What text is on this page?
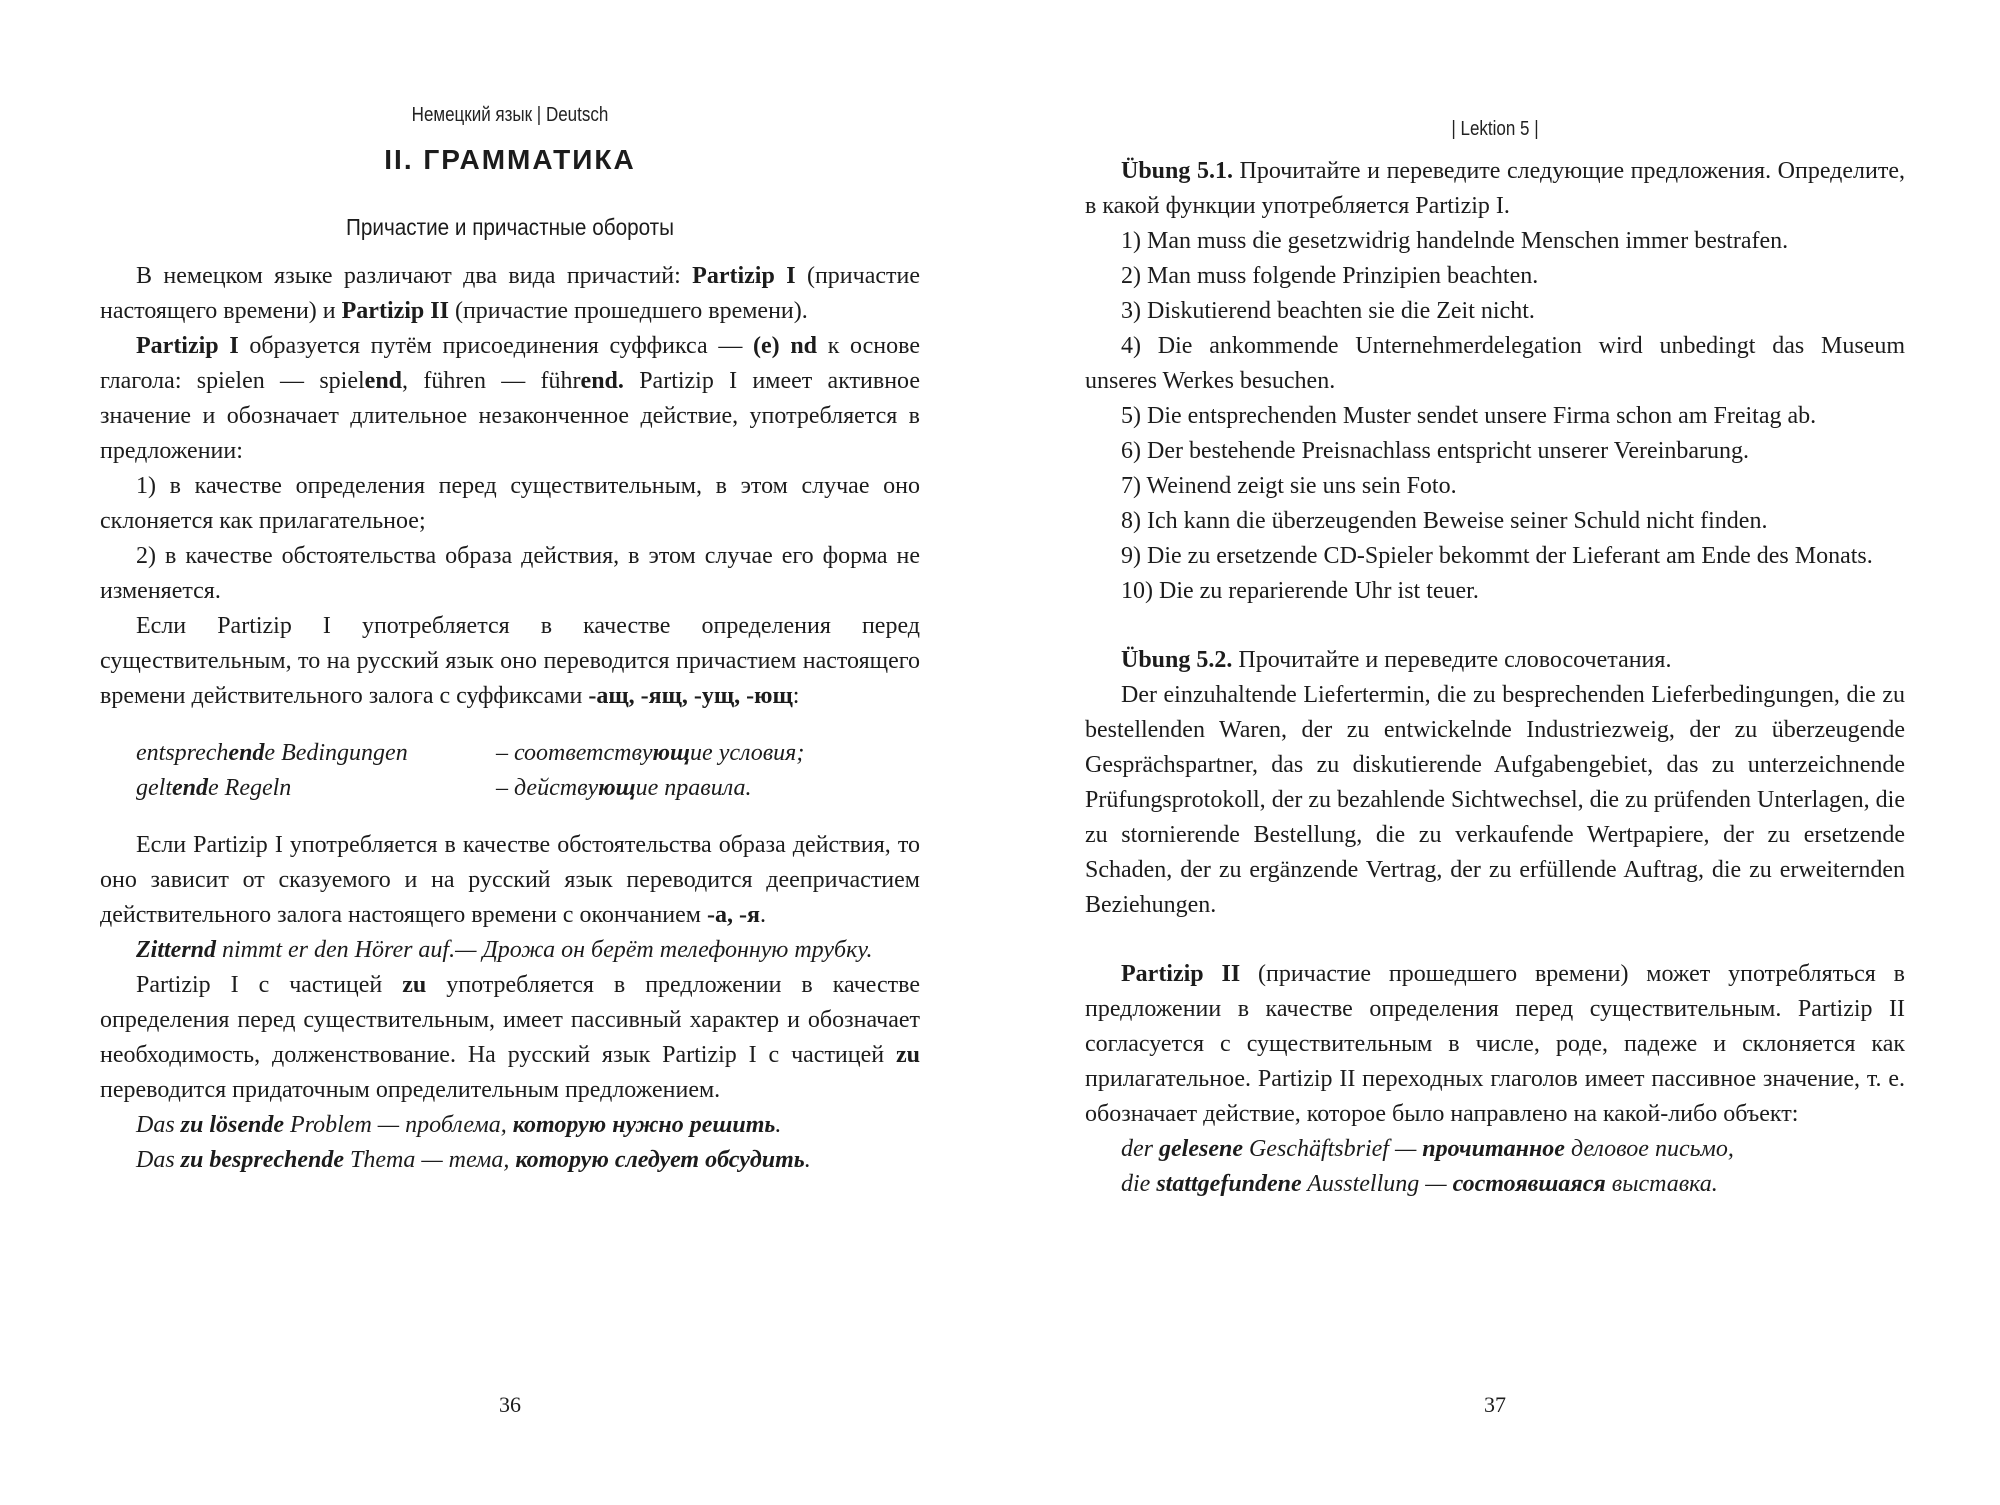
Немецкий язык | Deutsch
II. ГРАММАТИКА
Причастие и причастные обороты

В немецком языке различают два вида причастий: Partizip I (причастие настоящего времени) и Partizip II (причастие прошедшего времени).

Partizip I образуется путём присоединения суффикса — (e) nd к основе глагола: spielen — spielend, führen — führend. Partizip I имеет активное значение и обозначает длительное незаконченное действие, употребляется в предложении:

1) в качестве определения перед существительным, в этом случае оно склоняется как прилагательное;

2) в качестве обстоятельства образа действия, в этом случае его форма не изменяется.

Если Partizip I употребляется в качестве определения перед существительным, то на русский язык оно переводится причастием настоящего времени действительного залога с суффиксами -ащ, -ящ, -ущ, -ющ:

entsprechende Bedingungen	– соответствующие условия;
geltende Regeln	– действующие правила.

Если Partizip I употребляется в качестве обстоятельства образа действия, то оно зависит от сказуемого и на русский язык переводится деепричастием действительного залога настоящего времени с окончанием -а, -я.

Zitternd nimmt er den Hörer auf.— Дрожа он берёт телефонную трубку.

Partizip I с частицей zu употребляется в предложении в качестве определения перед существительным, имеет пассивный характер и обозначает необходимость, долженствование. На русский язык Partizip I с частицей zu переводится придаточным определительным предложением.

Das zu lösende Problem — проблема, которую нужно решить.

Das zu besprechende Thema — тема, которую следует обсудить.

36
| Lektion 5 |

Übung 5.1. Прочитайте и переведите следующие предложения. Определите, в какой функции употребляется Partizip I.

1) Man muss die gesetzwidrig handelnde Menschen immer bestrafen.

2) Man muss folgende Prinzipien beachten.

3) Diskutierend beachten sie die Zeit nicht.

4) Die ankommende Unternehmerdelegation wird unbedingt das Museum unseres Werkes besuchen.

5) Die entsprechenden Muster sendet unsere Firma schon am Freitag ab.

6) Der bestehende Preisnachlass entspricht unserer Vereinbarung.

7) Weinend zeigt sie uns sein Foto.

8) Ich kann die überzeugenden Beweise seiner Schuld nicht finden.

9) Die zu ersetzende CD-Spieler bekommt der Lieferant am Ende des Monats.

10) Die zu reparierende Uhr ist teuer.

Übung 5.2. Прочитайте и переведите словосочетания.

Der einzuhaltende Liefertermin, die zu besprechenden Lieferbedingungen, die zu bestellenden Waren, der zu entwickelnde Industriezweig, der zu überzeugende Gesprächspartner, das zu diskutierende Aufgabengebiet, das zu unterzeichnende Prüfungsprotokoll, der zu bezahlende Sichtwechsel, die zu prüfenden Unterlagen, die zu stornierende Bestellung, die zu verkaufende Wertpapiere, der zu ersetzende Schaden, der zu ergänzende Vertrag, der zu erfüllende Auftrag, die zu erweiternden Beziehungen.

Partizip II (причастие прошедшего времени) может употребляться в предложении в качестве определения перед существительным. Partizip II согласуется с существительным в числе, роде, падеже и склоняется как прилагательное. Partizip II переходных глаголов имеет пассивное значение, т. е. обозначает действие, которое было направлено на какой-либо объект:

der gelesene Geschäftsbrief — прочитанное деловое письмо,

die stattgefundene Ausstellung — состоявшаяся выставка.

37
